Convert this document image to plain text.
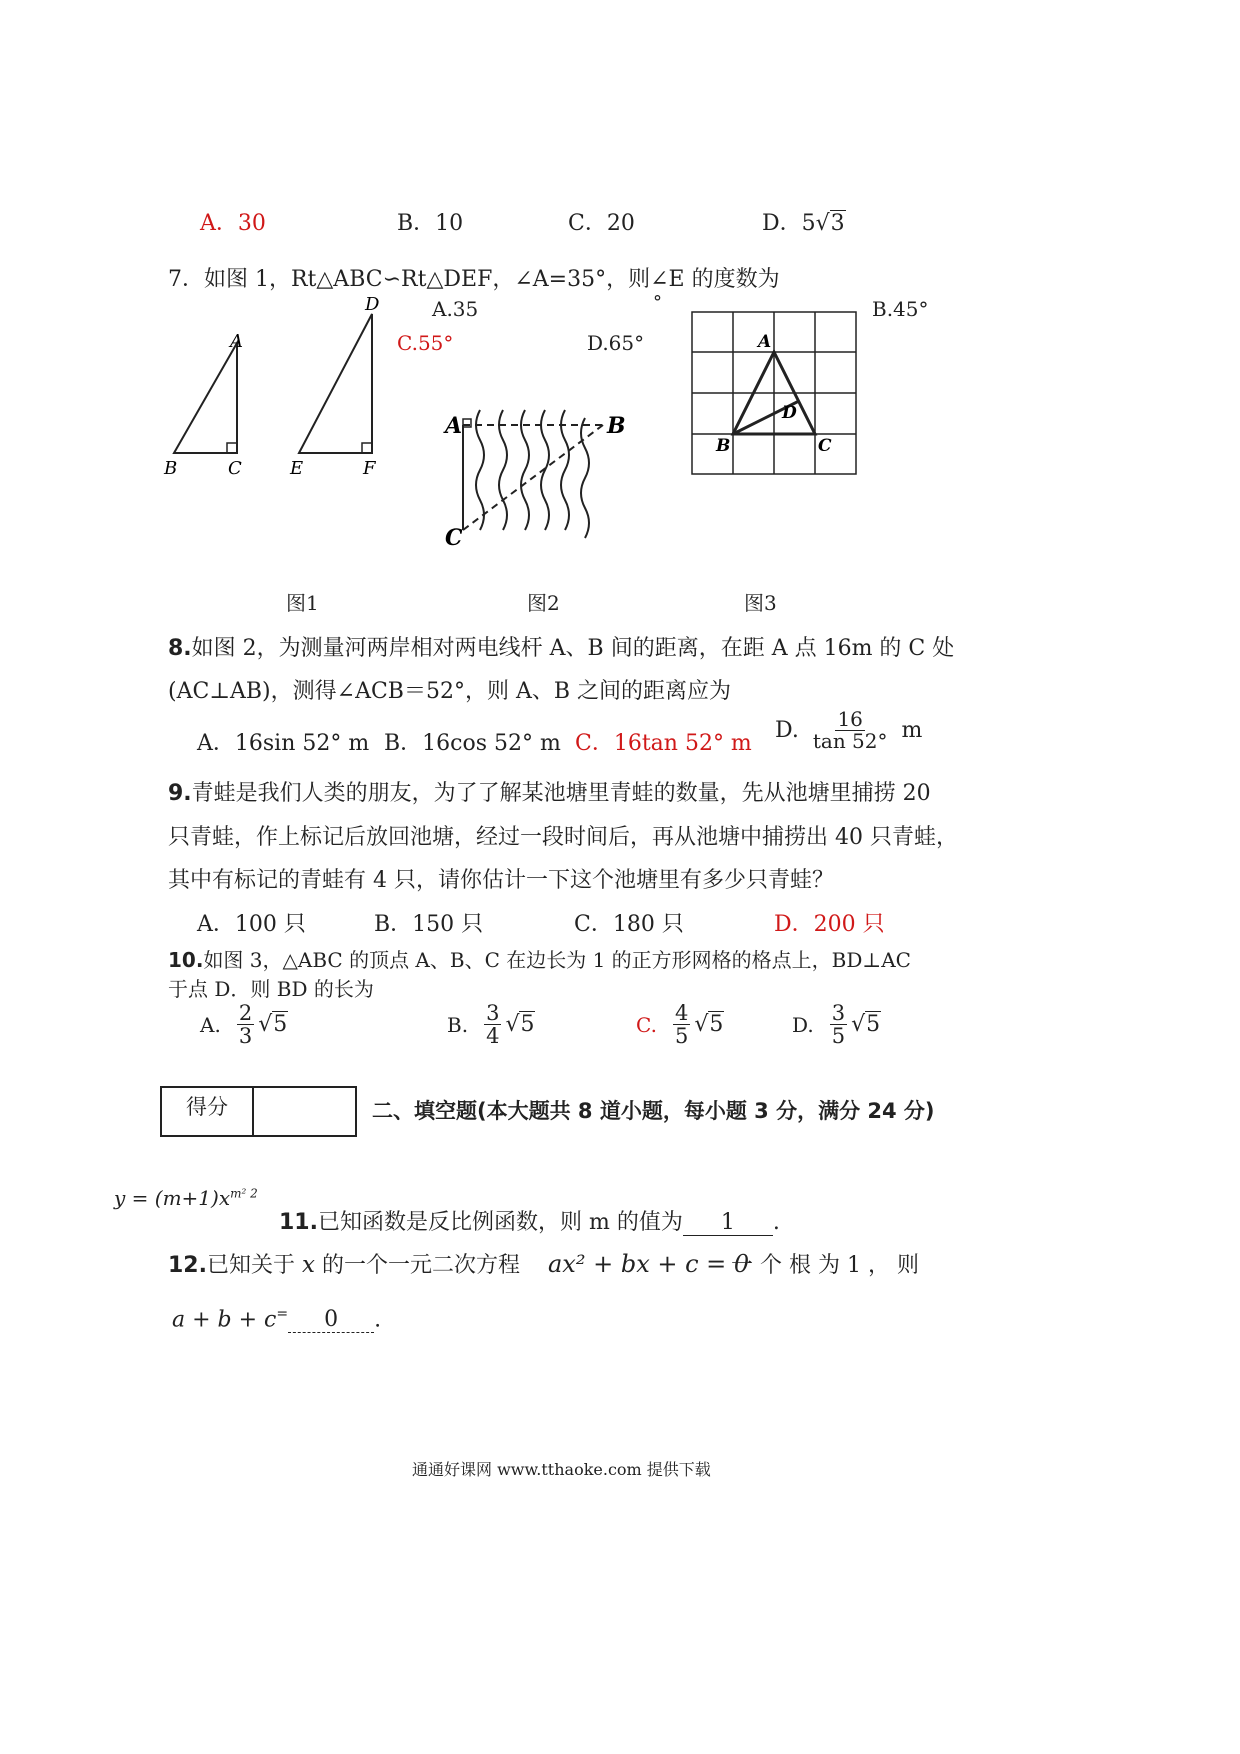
A．30	B．10	C．20	D．5√3
7．如图 1，Rt△ABC∽Rt△DEF，∠A=35°，则∠E 的度数为
A.35	°	B.45°
C.55°	D.65°
A
B	C
D
E	F
A	B
C
A
B	C
D
图1	图2	图3
8.如图 2，为测量河两岸相对两电线杆 A、B 间的距离，在距 A 点 16m 的 C 处
(AC⊥AB)，测得∠ACB＝52°，则 A、B 之间的距离应为
A．16sin 52° m B．16cos 52° m C．16tan 52° m
D. $\frac{16}{\tan 52^\circ}$ m
9.青蛙是我们人类的朋友，为了了解某池塘里青蛙的数量，先从池塘里捕捞 20
只青蛙，作上标记后放回池塘，经过一段时间后，再从池塘中捕捞出 40 只青蛙，
其中有标记的青蛙有 4 只，请你估计一下这个池塘里有多少只青蛙？
A．100 只	B．150 只	C．180 只	D．200 只
10.如图 3，△ABC 的顶点 A、B、C 在边长为 1 的正方形网格的格点上，BD⊥AC
于点 D．则 BD 的长为
A. $\frac{2}{3} √5$	B. $\frac{3}{4} √5$	C. $\frac{4}{5} √5$	D. $\frac{3}{5} √5$
得分	二、填空题(本大题共 8 道小题，每小题 3 分，满分 24 分)
$y = (m+1)x^{m^2 2}$
11.已知函数是反比例函数，则 m 的值为 1 .
12.已知关于 x 的一个一元二次方程 ax² + bx + c = 0
一 个 根 为 1 ， 则
a + b + c= 0 .
通通好课网 www.tthaoke.com 提供下载
